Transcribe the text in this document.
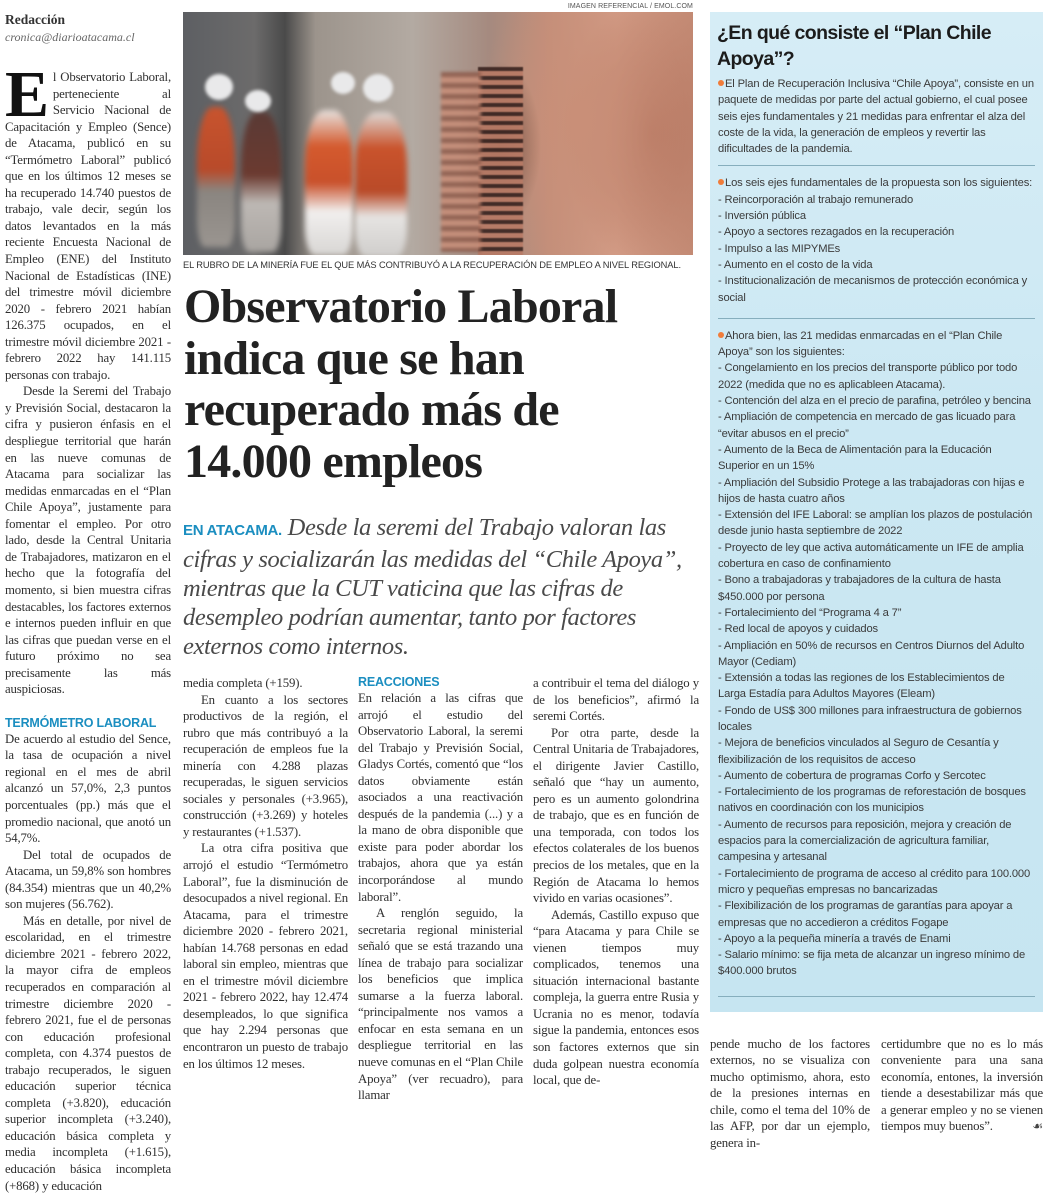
Redacción
cronica@diarioatacama.cl

El Observatorio Laboral, perteneciente al Servicio Nacional de Capacitación y Empleo (Sence) de Atacama, publicó en su “Termómetro Laboral” publicó que en los últimos 12 meses se ha recuperado 14.740 puestos de trabajo, vale decir, según los datos levantados en la más reciente Encuesta Nacional de Empleo (ENE) del Instituto Nacional de Estadísticas (INE) del trimestre móvil diciembre 2020 - febrero 2021 habían 126.375 ocupados, en el trimestre móvil diciembre 2021 - febrero 2022 hay 141.115 personas con trabajo.

Desde la Seremi del Trabajo y Previsión Social, destacaron la cifra y pusieron énfasis en el despliegue territorial que harán en las nueve comunas de Atacama para socializar las medidas enmarcadas en el “Plan Chile Apoya”, justamente para fomentar el empleo. Por otro lado, desde la Central Unitaria de Trabajadores, matizaron en el hecho que la fotografía del momento, si bien muestra cifras destacables, los factores externos e internos pueden influir en que las cifras que puedan verse en el futuro próximo no sea precisamente las más auspiciosas.

TERMÓMETRO LABORAL

De acuerdo al estudio del Sence, la tasa de ocupación a nivel regional en el mes de abril alcanzó un 57,0%, 2,3 puntos porcentuales (pp.) más que el promedio nacional, que anotó un 54,7%.

Del total de ocupados de Atacama, un 59,8% son hombres (84.354) mientras que un 40,2% son mujeres (56.762).

Más en detalle, por nivel de escolaridad, en el trimestre diciembre 2021 - febrero 2022, la mayor cifra de empleos recuperados en comparación al trimestre diciembre 2020 - febrero 2021, fue el de personas con educación profesional completa, con 4.374 puestos de trabajo recuperados, le siguen educación superior técnica completa (+3.820), educación superior incompleta (+3.240), educación básica completa y media incompleta (+1.615), educación básica incompleta (+868) y educación

IMAGEN REFERENCIAL / EMOL.COM
EL RUBRO DE LA MINERÍA FUE EL QUE MÁS CONTRIBUYÓ A LA RECUPERACIÓN DE EMPLEO A NIVEL REGIONAL.
Observatorio Laboral
indica que se han
recuperado más de
14.000 empleos
EN ATACAMA. Desde la seremi del Trabajo valoran las cifras y socializarán las medidas del “Chile Apoya”, mientras que la CUT vaticina que las cifras de desempleo podrían aumentar, tanto por factores externos como internos.

media completa (+159).

En cuanto a los sectores productivos de la región, el rubro que más contribuyó a la recuperación de empleos fue la minería con 4.288 plazas recuperadas, le siguen servicios sociales y personales (+3.965), construcción (+3.269) y hoteles y restaurantes (+1.537).

La otra cifra positiva que arrojó el estudio “Termómetro Laboral”, fue la disminución de desocupados a nivel regional. En Atacama, para el trimestre diciembre 2020 - febrero 2021, habían 14.768 personas en edad laboral sin empleo, mientras que en el trimestre móvil diciembre 2021 - febrero 2022, hay 12.474 desempleados, lo que significa que hay 2.294 personas que encontraron un puesto de trabajo en los últimos 12 meses.

REACCIONES

En relación a las cifras que arrojó el estudio del Observatorio Laboral, la seremi del Trabajo y Previsión Social, Gladys Cortés, comentó que “los datos obviamente están asociados a una reactivación después de la pandemia (...) y a la mano de obra disponible que existe para poder abordar los trabajos, ahora que ya están incorporándose al mundo laboral”.

A renglón seguido, la secretaria regional ministerial señaló que se está trazando una línea de trabajo para socializar los beneficios que implica sumarse a la fuerza laboral. “principalmente nos vamos a enfocar en esta semana en un despliegue territorial en las nueve comunas en el “Plan Chile Apoya” (ver recuadro), para llamar

a contribuir el tema del diálogo y de los beneficios”, afirmó la seremi Cortés.

Por otra parte, desde la Central Unitaria de Trabajadores, el dirigente Javier Castillo, señaló que “hay un aumento, pero es un aumento golondrina de trabajo, que es en función de una temporada, con todos los efectos colaterales de los buenos precios de los metales, que en la Región de Atacama lo hemos vivido en varias ocasiones”.

Además, Castillo expuso que “para Atacama y para Chile se vienen tiempos muy complicados, tenemos una situación internacional bastante compleja, la guerra entre Rusia y Ucrania no es menor, todavía sigue la pandemia, entonces esos son factores externos que sin duda golpean nuestra economía local, que de-

¿En qué consiste el “Plan Chile Apoya”?

El Plan de Recuperación Inclusiva “Chile Apoya”, consiste en un paquete de medidas por parte del actual gobierno, el cual posee seis ejes fundamentales y 21 medidas para enfrentar el alza del coste de la vida, la generación de empleos y revertir las dificultades de la pandemia.

Los seis ejes fundamentales de la propuesta son los siguientes:

- Reincorporación al trabajo remunerado

- Inversión pública

- Apoyo a sectores rezagados en la recuperación

- Impulso a las MIPYMEs

- Aumento en el costo de la vida

- Institucionalización de mecanismos de protección económica y social

Ahora bien, las 21 medidas enmarcadas en el “Plan Chile Apoya” son los siguientes:

- Congelamiento en los precios del transporte público por todo 2022 (medida que no es aplicableen Atacama).

- Contención del alza en el precio de parafina, petróleo y bencina

- Ampliación de competencia en mercado de gas licuado para “evitar abusos en el precio”

- Aumento de la Beca de Alimentación para la Educación Superior en un 15%

- Ampliación del Subsidio Protege a las trabajadoras con hijas e hijos de hasta cuatro años

- Extensión del IFE Laboral: se amplían los plazos de postulación desde junio hasta septiembre de 2022

- Proyecto de ley que activa automáticamente un IFE de amplia cobertura en caso de confinamiento

- Bono a trabajadoras y trabajadores de la cultura de hasta $450.000 por persona

- Fortalecimiento del “Programa 4 a 7”

- Red local de apoyos y cuidados

- Ampliación en 50% de recursos en Centros Diurnos del Adulto Mayor (Cediam)

- Extensión a todas las regiones de los Establecimientos de Larga Estadía para Adultos Mayores (Eleam)

- Fondo de US$ 300 millones para infraestructura de gobiernos locales

- Mejora de beneficios vinculados al Seguro de Cesantía y flexibilización de los requisitos de acceso

- Aumento de cobertura de programas Corfo y Sercotec

- Fortalecimiento de los programas de reforestación de bosques nativos en coordinación con los municipios

- Aumento de recursos para reposición, mejora y creación de espacios para la comercialización de agricultura familiar, campesina y artesanal

- Fortalecimiento de programa de acceso al crédito para 100.000 micro y pequeñas empresas no bancarizadas

- Flexibilización de los programas de garantías para apoyar a empresas que no accedieron a créditos Fogape

- Apoyo a la pequeña minería a través de Enami

- Salario mínimo: se fija meta de alcanzar un ingreso mínimo de $400.000 brutos

pende mucho de los factores externos, no se visualiza con mucho optimismo, ahora, esto de la presiones internas en chile, como el tema del 10% de las AFP, por dar un ejemplo, genera in-

certidumbre que no es lo más conveniente para una sana economía, entones, la inversión tiende a desestabilizar más que a generar empleo y no se vienen tiempos muy buenos”.	☙
